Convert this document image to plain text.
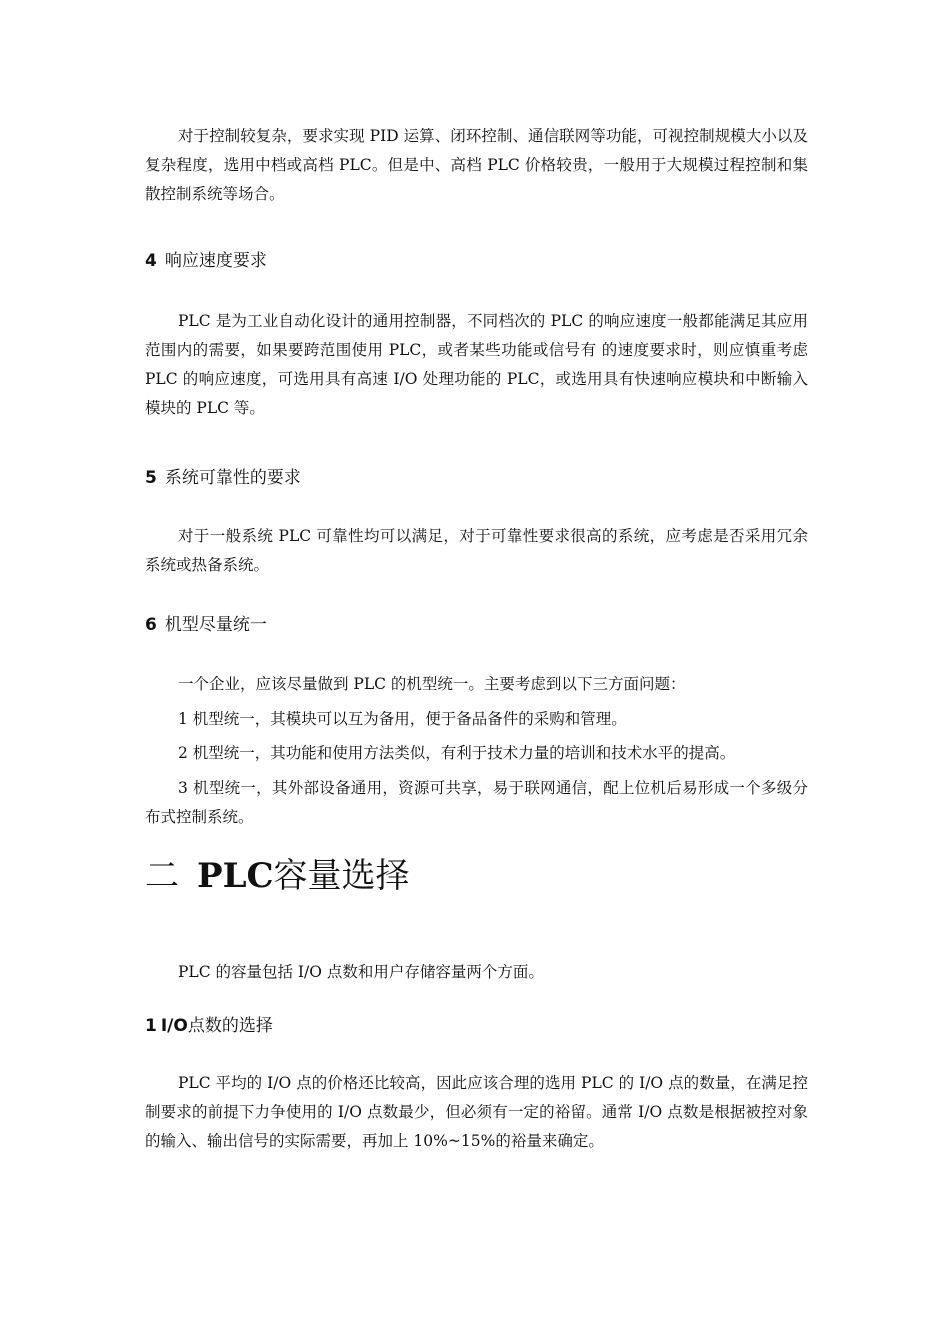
对于控制较复杂，要求实现 PID 运算、闭环控制、通信联网等功能，可视控制规模大小以及复杂程度，选用中档或高档 PLC。但是中、高档 PLC 价格较贵，一般用于大规模过程控制和集散控制系统等场合。

4 响应速度要求

PLC 是为工业自动化设计的通用控制器，不同档次的 PLC 的响应速度一般都能满足其应用范围内的需要，如果要跨范围使用 PLC，或者某些功能或信号有 的速度要求时，则应慎重考虑 PLC 的响应速度，可选用具有高速 I/O 处理功能的 PLC，或选用具有快速响应模块和中断输入模块的 PLC 等。

5 系统可靠性的要求

对于一般系统 PLC 可靠性均可以满足，对于可靠性要求很高的系统，应考虑是否采用冗余系统或热备系统。

6 机型尽量统一

一个企业，应该尽量做到 PLC 的机型统一。主要考虑到以下三方面问题：

1 机型统一，其模块可以互为备用，便于备品备件的采购和管理。

2 机型统一，其功能和使用方法类似，有利于技术力量的培训和技术水平的提高。

3 机型统一，其外部设备通用，资源可共享，易于联网通信，配上位机后易形成一个多级分布式控制系统。

二 PLC容量选择

PLC 的容量包括 I/O 点数和用户存储容量两个方面。

1 I/O点数的选择

PLC 平均的 I/O 点的价格还比较高，因此应该合理的选用 PLC 的 I/O 点的数量，在满足控制要求的前提下力争使用的 I/O 点数最少，但必须有一定的裕留。通常 I/O 点数是根据被控对象的输入、输出信号的实际需要，再加上 10%~15%的裕量来确定。
